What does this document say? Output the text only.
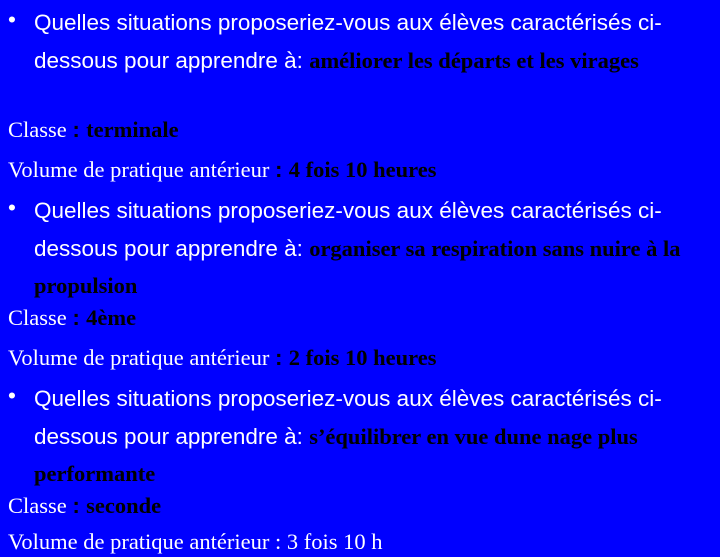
• Quelles situations proposeriez-vous aux élèves caractérisés ci-dessous pour apprendre à: améliorer les départs et les virages
Classe : terminale
Volume de pratique antérieur : 4 fois 10 heures
• Quelles situations proposeriez-vous aux élèves caractérisés ci-dessous pour apprendre à: organiser sa respiration sans nuire à la propulsion
Classe : 4ème
Volume de pratique antérieur : 2 fois 10 heures
• Quelles situations proposeriez-vous aux élèves caractérisés ci-dessous pour apprendre à: s’équilibrer en vue dune nage plus performante
Classe : seconde
Volume de pratique antérieur : 3 fois 10 h
